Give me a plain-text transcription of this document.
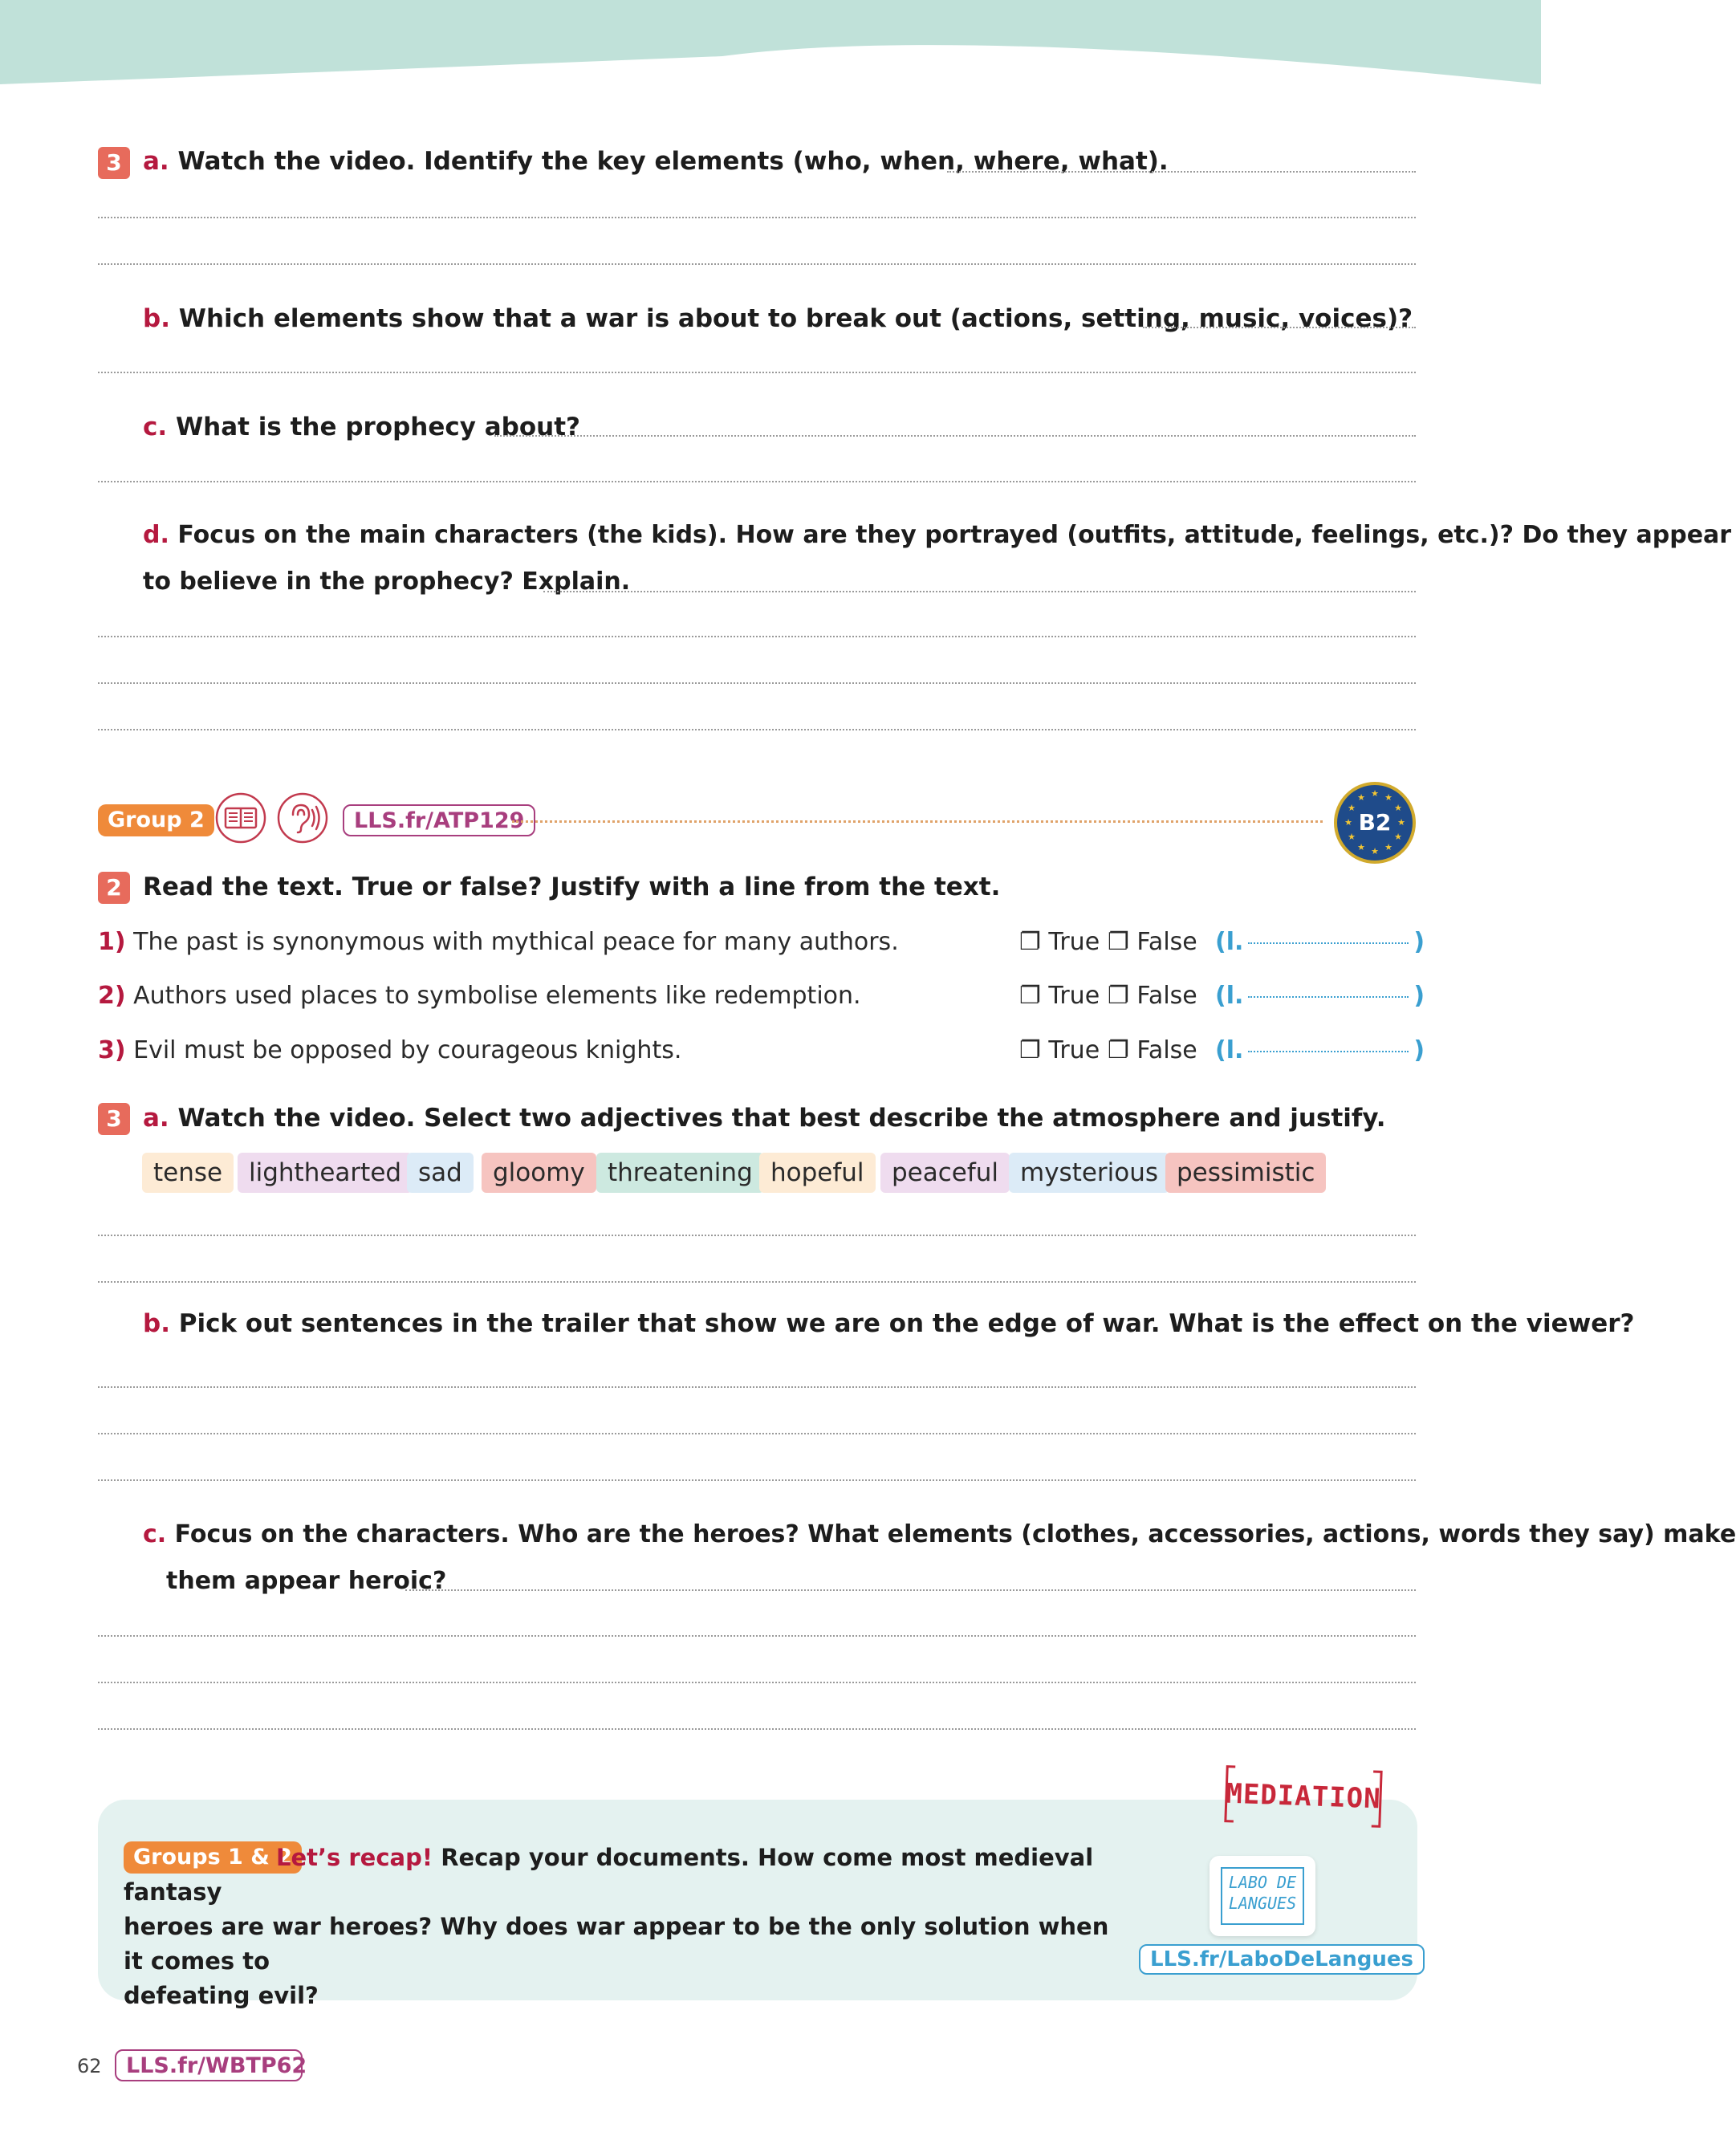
3 a. Watch the video. Identify the key elements (who, when, where, what).
b. Which elements show that a war is about to break out (actions, setting, music, voices)?
c. What is the prophecy about?
d. Focus on the main characters (the kids). How are they portrayed (outfits, attitude, feelings, etc.)? Do they appear
to believe in the prophecy? Explain.
Group 2	LLS.fr/ATP129
★ ★
★
★
★
★
★
★
★
★
★
★
B2
2 Read the text. True or false? Justify with a line from the text.
1) The past is synonymous with mythical peace for many authors.	❐ True ❐ False (l.	)
2) Authors used places to symbolise elements like redemption.	❐ True ❐ False (l.	)
3) Evil must be opposed by courageous knights.	❐ True ❐ False (l.	)
3 a. Watch the video. Select two adjectives that best describe the atmosphere and justify.
tense	lighthearted sad	gloomy threatening hopeful	peaceful mysterious pessimistic
b. Pick out sentences in the trailer that show we are on the edge of war. What is the effect on the viewer?
c. Focus on the characters. Who are the heroes? What elements (clothes, accessories, actions, words they say) make
them appear heroic?
Groups 1 & 2
Let’s recap! Recap your documents. How come most medieval fantasy
heroes are war heroes? Why does war appear to be the only solution when it comes to
defeating evil?
MEDIATION
LABO DE
LANGUES
LLS.fr/LaboDeLangues
62	LLS.fr/WBTP62
